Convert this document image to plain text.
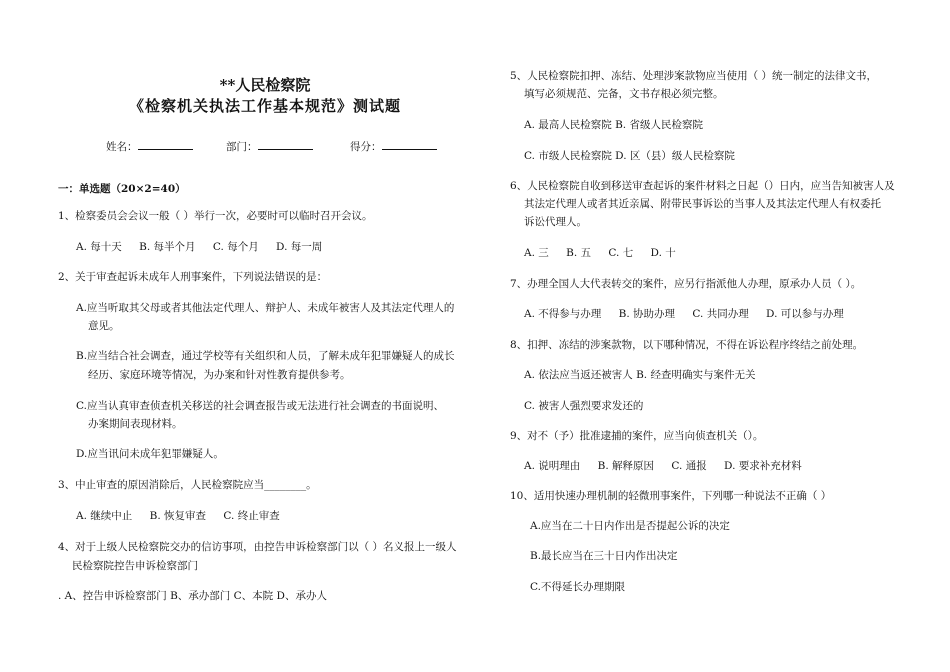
**人民检察院
《检察机关执法工作基本规范》测试题
姓名：	部门：	得分：
一：单选题（20×2=40）
1、检察委员会会议一般（ ）举行一次，必要时可以临时召开会议。
A. 每十天 B. 每半个月 C. 每个月 D. 每一周
2、关于审查起诉未成年人刑事案件，下列说法错误的是：
A.应当听取其父母或者其他法定代理人、辩护人、未成年被害人及其法定代理人的
意见。
B.应当结合社会调查，通过学校等有关组织和人员，了解未成年犯罪嫌疑人的成长
经历、家庭环境等情况，为办案和针对性教育提供参考。
C.应当认真审查侦查机关移送的社会调查报告或无法进行社会调查的书面说明、
办案期间表现材料。
D.应当讯问未成年犯罪嫌疑人。
3、中止审查的原因消除后，人民检察院应当________。
A. 继续中止 B. 恢复审查 C. 终止审查
4、对于上级人民检察院交办的信访事项，由控告申诉检察部门以（ ）名义报上一级人
民检察院控告申诉检察部门
. A、控告申诉检察部门 B、承办部门 C、本院 D、承办人
5、人民检察院扣押、冻结、处理涉案款物应当使用（ ）统一制定的法律文书，
填写必须规范、完备，文书存根必须完整。
A. 最高人民检察院 B. 省级人民检察院
C. 市级人民检察院 D. 区（县）级人民检察院
6、人民检察院自收到移送审查起诉的案件材料之日起（）日内，应当告知被害人及
其法定代理人或者其近亲属、附带民事诉讼的当事人及其法定代理人有权委托
诉讼代理人。
A. 三 B. 五 C. 七 D. 十
7、办理全国人大代表转交的案件，应另行指派他人办理，原承办人员（ ）。
A. 不得参与办理 B. 协助办理 C. 共同办理 D. 可以参与办理
8、扣押、冻结的涉案款物，以下哪种情况，不得在诉讼程序终结之前处理。
A. 依法应当返还被害人 B. 经查明确实与案件无关
C. 被害人强烈要求发还的
9、对不（予）批准逮捕的案件，应当向侦查机关（）。
A. 说明理由 B. 解释原因 C. 通报 D. 要求补充材料
10、适用快速办理机制的轻微刑事案件，下列哪一种说法不正确（ ）
A.应当在二十日内作出是否提起公诉的决定
B.最长应当在三十日内作出决定
C.不得延长办理期限
